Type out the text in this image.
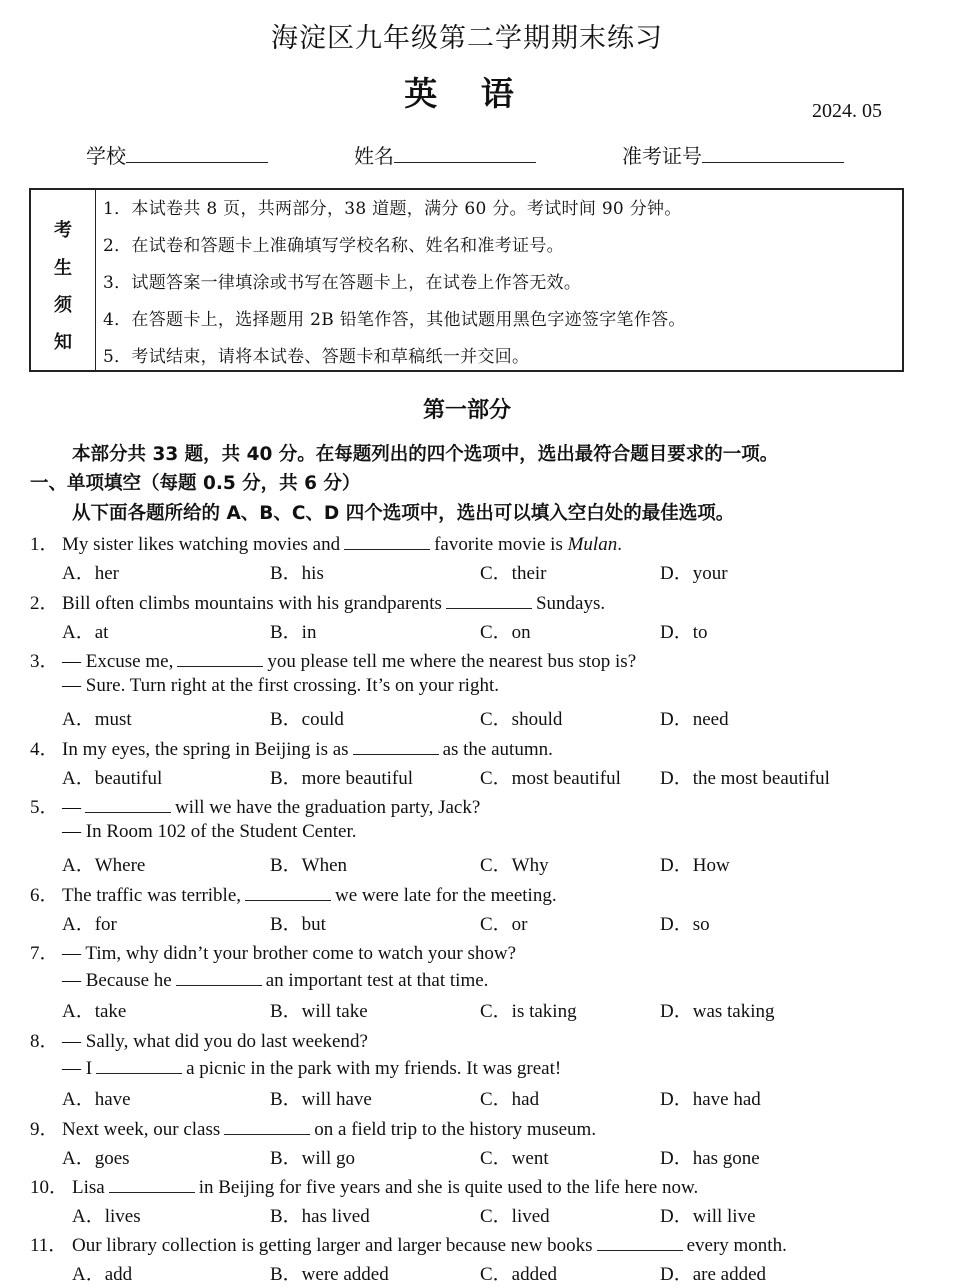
海淀区九年级第二学期期末练习
英 语	2024. 05
学校	姓名	准考证号
考
生
须
知
1．本试卷共 8 页，共两部分，38 道题，满分 60 分。考试时间 90 分钟。
2．在试卷和答题卡上准确填写学校名称、姓名和准考证号。
3．试题答案一律填涂或书写在答题卡上，在试卷上作答无效。
4．在答题卡上，选择题用 2B 铅笔作答，其他试题用黑色字迹签字笔作答。
5．考试结束，请将本试卷、答题卡和草稿纸一并交回。
第一部分
本部分共 33 题，共 40 分。在每题列出的四个选项中，选出最符合题目要求的一项。
一、单项填空（每题 0.5 分，共 6 分）
从下面各题所给的 A、B、C、D 四个选项中，选出可以填入空白处的最佳选项。
1． My sister likes watching movies and	favorite movie is Mulan.
A．her	B．his	C．their	D．your
2． Bill often climbs mountains with his grandparents	Sundays.
A．at	B．in	C．on	D．to
3． — Excuse me,	you please tell me where the nearest bus stop is?
— Sure. Turn right at the first crossing. It’s on your right.
A．must	B．could	C．should	D．need
4． In my eyes, the spring in Beijing is as	as the autumn.
A．beautiful	B．more beautiful	C．most beautiful D．the most beautiful
5． —	will we have the graduation party, Jack?
— In Room 102 of the Student Center.
A．Where	B．When	C．Why	D．How
6． The traffic was terrible,	we were late for the meeting.
A．for	B．but	C．or	D．so
7． — Tim, why didn’t your brother come to watch your show?
— Because he	an important test at that time.
A．take	B．will take	C．is taking	D．was taking
8． — Sally, what did you do last weekend?
— I	a picnic in the park with my friends. It was great!
A．have	B．will have	C．had	D．have had
9． Next week, our class	on a field trip to the history museum.
A．goes	B．will go	C．went	D．has gone
10． Lisa	in Beijing for five years and she is quite used to the life here now.
A．lives	B．has lived	C．lived	D．will live
11． Our library collection is getting larger and larger because new books	every month.
A．add	B．were added	C．added	D．are added
